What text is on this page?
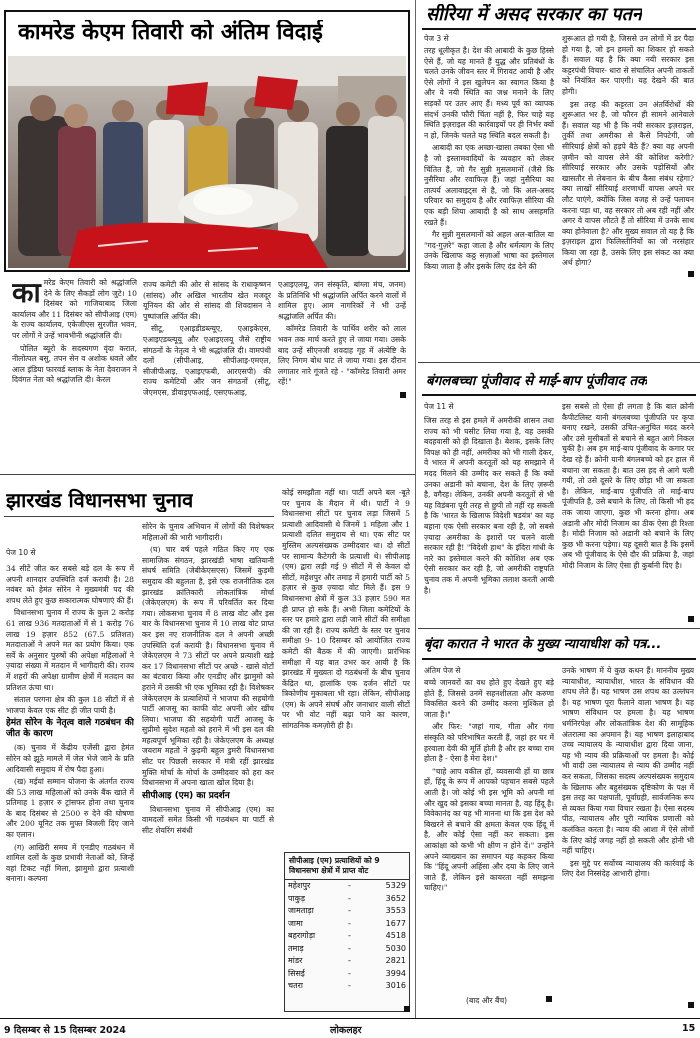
कामरेड केएम तिवारी को अंतिम विदाई
का मरेड केएम तिवारी को श्रद्धांजलि देने के लिए सैकड़ों लोग जुटे। 10 दिसंबर को गाजियाबाद जिला कार्यालय और 11 दिसंबर को सीपीआइ (एम) के राज्य कार्यालय, एकेजीएस सुरजीत भवन, पर लोगों ने उन्हें भावभीनी श्रद्धांजलि दी।

पोलित ब्यूरो के सदस्यगण वृंदा करात, नीलोत्पल बसु, तपन सेन व अशोक धवले और आल इंडिया फारवर्ड ब्लाक के नेता देवराजन ने दिवंगत नेता को श्रद्धांजलि दी। केरल

राज्य कमेटी की ओर से सांसद के राधाकृष्णन (सांसद) और अखिल भारतीय खेत मजदूर यूनियन की ओर से सांसद वी शिवदासन ने पुष्पांजलि अर्पित की।

सीटू, एआइडीडब्ल्यूए, एआइकेएस, एआइएडब्ल्यूयू और एआइएलयू जैसे राष्ट्रीय संगठनों के नेतृत्व ने भी श्रद्धांजलि दी। वामपंथी दलों (सीपीआइ, सीपीआइ-एमएल, सीजीपीआइ, एआइएफबी, आरएसपी) की राज्य कमेटियों और जन संगठनों (सीटू, जेएमएस, डीवाइएफआई, एसएफआइ,

एआइएलयू, जन संस्कृति, बांग्ला मंच, जनम) के प्रतिनिधि भी श्रद्धांजलि अर्पित करने वालों में शामिल हुए। आम नागरिकों ने भी उन्हें श्रद्धांजलि अर्पित की।

कॉमरेड तिवारी के पार्थिव शरीर को लाल भवन तक मार्च करते हुए ले जाया गया। उसके बाद उन्हें सीएनजी शवदाह गृह में अंत्येष्टि के लिए निगम बोध घाट ले जाया गया। इस दौरान लगातार नारे गूंजते रहे - "कॉमरेड तिवारी अमर रहें!"

सीरिया में असद सरकार का पतन
पेज 3 से

तरह धूलीकृत है। देश की आबादी के कुछ हिस्से ऐसे हैं, जो यह मानते हैं युद्ध और प्रतिबंधों के चलते उनके जीवन स्तर में गिरावट आयी है और ऐसे लोगों ने इस खुलेपन का स्वागत किया है और वे नयी स्थिति का जश्न मनाने के लिए सड़कों पर उतर आए हैं। मध्य पूर्व का व्यापक संदर्भ उनकी फौरी चिंता नहीं है, फिर चाहे यह स्थिति इज़राइल की कार्रवाइयों पर ही निर्भर क्यों न हो, जिनके चलते यह स्थिति बदल सकती है।

आबादी का एक अच्छा-खासा तबका ऐसा भी है जो इस्लामवादियों के व्यवहार को लेकर चिंतित है, जो गैर सुन्नी मुसलमानों (जैसे कि नुसैरिया और रवाफिज़ हैं) जहां नुसैरिया का तात्पर्य अलावाइट्स से है, जो कि अल-असद परिवार का समुदाय है और रवाफिज़ सीरिया की एक बड़ी शिया आबादी है को साथ असहमति रखते हैं।

गैर सुन्नी मुसलमानों को अहल अल-बातिल या "गद-गुज़रे" कहा जाता है और धर्मत्याग के लिए उनके खिलाफ कठ्ठ सज़ाओं भाषा का इस्तेमाल किया जाता है और इसके लिए दंड देने की

शुरूआत हो गयी है, जिससे उन लोगों में डर पैदा हो गया है, जो इन हमलों का शिकार हो सकते हैं। सवाल यह है कि क्या नयी सरकार इस कट्टरपंथी विचार- धारा से संचालित अपनी ताकतों को नियंत्रित कर पाएगी। यह देखने की बात होगी।

इस तरह की कट्टरता उन अंतर्विरोधों की शुरूआत भर है, जो फौरन ही सामने आनेवाले हैं। सवाल यह भी है कि नयी सरकार इज़राइल, तुर्की तथा अमरीका से कैसे निपटेगी, जो सीरियाई क्षेत्रों को हड़पे बैठे हैं? क्या वह अपनी ज़मीन को वापस लेने की कोशिश करेगी? सीरियाई सरकार और उसके पड़ोसियों और खासतौर से लेबनान के बीच कैसा संबंध रहेगा? क्या लाखों सीरियाई शरणार्थी वापस अपने घर लौट पाएंगे, क्योंकि जिस वजह से उन्हें पलायन करना पड़ा था, वह सरकार तो अब रही नहीं और अगर वे वापस लौटते हैं तो सीरिया में उनके साथ क्या होनेवाला है? और मुख्य सवाल तो यह है कि इज़राइल द्वारा फिलिस्तीनियों का जो नरसंहार किया जा रहा है, उसके लिए इस संकट का क्या अर्थ होगा?

बंगलबच्चा पूंजीवाद से माई-बाप पूंजीवाद तक
पेज 11 से

जिस तरह से इस हमले में अमरीकी शासन तथा राज्य को भी घसीट लिया गया है, वह उसकी बदहवासी को ही दिखाता है। बेशक, इसके लिए विपक्ष को ही नहीं, अमरीका को भी गाली देकर, वे भारत में अपनी करतूतों को यह समझाने में मदद मिलने की उम्मीद कर सकते हैं कि क्यों उनका अडानी को बचाना, देश के लिए ज़रूरी है, वगैरह। लेकिन, उनकी अपनी करतूतों से भी यह विडंबना पूरी तरह से छुपी तो नहीं रह सकती है कि 'भारत के खिलाफ विदेशी षडयंत्र' का यह बहाना एक ऐसी सरकार बना रही है, जो सबसे ज़्यादा अमरीका के इशारों पर चलने वाली सरकार रही है! "विदेशी हाथ" के इंदिरा गांधी के नारे का इस्तेमाल करने की कोशिश अब एक ऐसी सरकार कर रही है, जो अमरीकी राष्ट्रपति चुनाव तक में अपनी भूमिका तलाश करती आयी है।

इस सबसे तो ऐसा ही लगता है कि बात क्रोनी कैपीटलिस्ट यानी बंगलबच्चा पूंजीपति पर कृपा बनाए रखने, उसकी उचित-अनुचित मदद करने और उसे मुसीबतों से बचाने से बहुत आगे निकल चुकी है। अब हम माई-बाप पूंजीवाद के कगार पर देख रहे हैं। क्रोनी यानी बंगलबच्चे को हर हाल में बचाना जा सकता है। बात उस हद से आगे चली गयी, तो उसे दूसरे के लिए छोड़ा भी जा सकता है। लेकिन, माई-बाप पूंजीपति तो माई-बाप पूंजीपति है, उसे बचाने के लिए, तो किसी भी हद तक जाया जाएगा, कुछ भी करना होगा। अब अडानी और मोदी निजाम का ठीक ऐसा ही रिश्ता है। मोदी निजाम को अडानी को बचाने के लिए कुछ भी करना पड़ेगा। यह दूसरी बात है कि इसमें अब भी पूंजीवाद के ऐसे दौर की प्रक्रिया है, जहां मोदी निजाम के लिए ऐसा ही कुर्बानी दिए है।

बृंदा कारात ने भारत के मुख्य न्यायाधीश को पत्र...
अंतिम पेज से

बच्चे जानवरों का वध होते हुए देखते हुए बड़े होते हैं, जिससे उनमें सहनशीलता और करुणा विकसित करने की उम्मीद करना मुश्किल हो जाता है।"

और फिर: "जहां गाय, गीता और गंगा संस्कृति को परिभाषित करती हैं, जहां हर घर में हरवाला देवी की मूर्ति होती है और हर बच्चा राम होता है - ऐसा है मेरा देश।"

"चाहे आप वकील हों, व्यवसायी हों या छात्र हों, हिंदू के रूप में आपको पहचान सबसे पहले आती है। जो कोई भी इस भूमि को अपनी मां और खुद को इसका बच्चा मानता है, वह हिंदू है। विवेकानंद का यह भी मानना था कि इस देश को बिखरने से बचाने की क्षमता केवल एक हिंदू में है, और कोई ऐसा नहीं कर सकता। इस आकांक्षा को कभी भी क्षीण न होने दें।" उन्होंने अपने व्याख्यान का समापन यह कहकर किया कि "हिंदू अपनी अहिंसा और दया के लिए जाने जाते हैं, लेकिन इसे कायरता नहीं समझना चाहिए।"

(बाद और बैंच)

उनके भाषण में ये कुछ कथन हैं। माननीय मुख्य न्यायाधीश, न्यायाधीश, भारत के संविधान की शपथ लेते हैं। यह भाषण उस शपथ का उल्लंघन है। यह भाषण पूरा फैलाने वाला भाषण है। यह भाषण संविधान पर हमला है। यह भाषण धर्मनिरपेक्ष और लोकतांत्रिक देश की सामूहिक अंतरात्मा का अपमान है। यह भाषण इलाहाबाद उच्च न्यायालय के न्यायाधीश द्वारा दिया जाना, यह भी न्याय की प्रक्रियाओं पर हमला है। कोई भी वादी उस न्यायालय से न्याय की उम्मीद नहीं कर सकता, जिसका सदस्य अल्पसंख्यक समुदाय के खिलाफ और बहुसंख्यक दृष्टिकोण के पक्ष में इस तरह का पक्षपाती, पूर्वाग्रही, सार्वजनिक रूप से व्यक्त किया गया विचार रखता है। ऐसा सदस्य पीठ, न्यायालय और पूरी न्यायिक प्रणाली को कलंकित करता है। न्याय की आशा में ऐसे लोगों के लिए कोई जगह नहीं हो सकती और होनी भी नहीं चाहिए।

इस मुद्दे पर सर्वोच्च न्यायालय की कार्रवाई के लिए देश निस्संदेह आभारी होगा।

झारखंड विधानसभा चुनाव
पेज 10 से

34 सीटें जीत कर सबसे बड़े दल के रूप में अपनी शानदार उपस्थिति दर्ज करायी है। 28 नवंबर को हेमंत सोरेन ने मुख्यमंत्री पद की शपथ लेते हुए कुछ सकारात्मक घोषणाएं की हैं।

विधानसभा चुनाव में राज्य के कुल 2 करोड़ 61 लाख 936 मतदाताओं में से 1 करोड़ 76 लाख 19 हज़ार 852 (67.5 प्रतिशत) मतदाताओं ने अपने मत का प्रयोग किया। एक सर्वे के अनुसार पुरुषों की अपेक्षा महिलाओं ने ज़्यादा संख्या में मतदान में भागीदारी की। राज्य में शहरों की अपेक्षा ग्रामीण क्षेत्रों में मतदान का प्रतिशत ऊंचा था।

संताल परगना क्षेत्र की कुल 18 सीटों में से भाजपा केवल एक सीट ही जीत पायी है।

हेमंत सोरेन के नेतृत्व वाले गठबंधन की जीत के कारण

(क) चुनाव में केंद्रीय एजेंसी द्वारा हेमंत सोरेन को झूठे मामले में जेल भेजे जाने के प्रति आदिवासी समुदाय में रोष पैदा हुआ।

(ख) मईयां सम्मान योजना के अंतर्गत राज्य की 53 लाख महिलाओं को उनके बैंक खाते में प्रतिमाह 1 हज़ार रु ट्रांसफर होना तथा चुनाव के बाद दिसंबर से 2500 रु देने की घोषणा और 200 यूनिट तक मुफ्त बिजली दिए जाने का एलान।

(ग) आखिरी समय में एनडीए गठबंधन में शामिल दलों के कुछ प्रभावी नेताओं को, जिन्हें वहां टिकट नहीं मिला, झामुमो द्वारा प्रत्याशी बनाना। कल्पना

सोरेन के चुनाव अभियान में लोगों की विशेषकर महिलाओं की भारी भागीदारी।

(घ) चार वर्ष पहले गठित किए गए एक सामाजिक संगठन, झारखंडी भाषा खतियानी संघर्ष समिति (जेबीकेएसएस) जिसमें कुड़मी समुदाय की बहुलता है, इसे एक राजनीतिक दल झारखंड क्रांतिकारी लोकतांत्रिक मोर्चा (जेकेएलएम) के रूप में परिवर्तित कर दिया गया। लोकसभा चुनाव में 8 लाख वोट और इस बार के विधानसभा चुनाव में 10 लाख वोट प्राप्त कर इस नए राजनीतिक दल ने अपनी अच्छी उपस्थिति दर्ज करायी है। विधानसभा चुनाव में जेकेएलएम ने 73 सीटों पर अपने प्रत्याशी खड़े कर 17 विधानसभा सीटों पर अच्छे - खासे वोटों का बंटवारा किया और एनडीए और झामुमो को हराने में उसकी भी एक भूमिका रही है। विशेषकर जेकेएलएम के प्रत्याशियों ने भाजपा की सहयोगी पार्टी आजसू का काफी वोट अपनी ओर खींच लिया। भाजपा की सहयोगी पार्टी आजसू के सुप्रीमो सुदेश महतो को हराने में भी इस दल की महत्वपूर्ण भूमिका रही है। जेकेएलएम के अध्यक्ष जयराम महतो ने कुड़मी बहुल डुमरी विधानसभा सीट पर पिछली सरकार में मंत्री रहीं झारखंड मुक्ति मोर्चा के मोर्चा के उम्मीदवार को हरा कर विधानसभा में अपना खाता खोल दिया है।

सीपीआइ (एम) का प्रदर्शन

विधानसभा चुनाव में सीपीआइ (एम) का वामदलों समेत किसी भी गठबंधन या पार्टी से सीट शेयरिंग संबंधी

कोई समझौता नहीं था। पार्टी अपने बल -बूते पर चुनाव के मैदान में थी। पार्टी ने 9 विधानसभा सीटों पर चुनाव लड़ा जिसमें 5 प्रत्याशी आदिवासी थे जिनमें 1 महिला और 1 प्रत्याशी दलित समुदाय से था। एक सीट पर मुस्लिम अल्पसंख्यक उम्मीदवार था। दो सीटों पर सामान्य कैटेगरी के प्रत्याशी थे। सीपीआइ (एम) द्वारा लड़ी गई 9 सीटों में से केवल दो सीटों, महेशपुर और तमाड़ में हमारी पार्टी को 5 हज़ार से कुछ ज़्यादा वोट मिले हैं। इस 9 विधानसभा क्षेत्रों में कुल 33 हज़ार 590 मत ही प्राप्त हो सके हैं। अभी जिला कमेटियों के स्तर पर हमारे द्वारा लड़ी जाने सीटों की समीक्षा की जा रही है। राज्य कमेटी के स्तर पर चुनाव समीक्षा 9- 10 दिसम्बर को आयोजित राज्य कमेटी की बैठक में की जाएगी। प्रारंभिक समीक्षा में यह बात उभर कर आयी है कि झारखंड में मुख्यतः दो गठबंधनों के बीच चुनाव केंद्रित था, हालांकि एक दर्जन सीटों पर त्रिकोणीय मुकाबला भी रहा। लेकिन, सीपीआइ (एम) के अपने संघर्ष और जनाधार वाली सीटों पर भी वोट नहीं बढ़ा पाने का कारण, सांगठनिक कमज़ोरी ही है।

सीपीआइ (एम) प्रत्याशियों को 9 विधानसभा क्षेत्रों में प्राप्त वोट
महेशपुर	-	5329
पाकुड़	-	3652
जामताड़ा	-	3553
जामा	-	1677
बहरागोड़ा	-	4518
तमाड़	-	5030
मांडर	-	2821
सिसई	-	3994
चतरा	-	3016
9 दिसम्बर से 15 दिसम्बर 2024	लोकलहर	15
